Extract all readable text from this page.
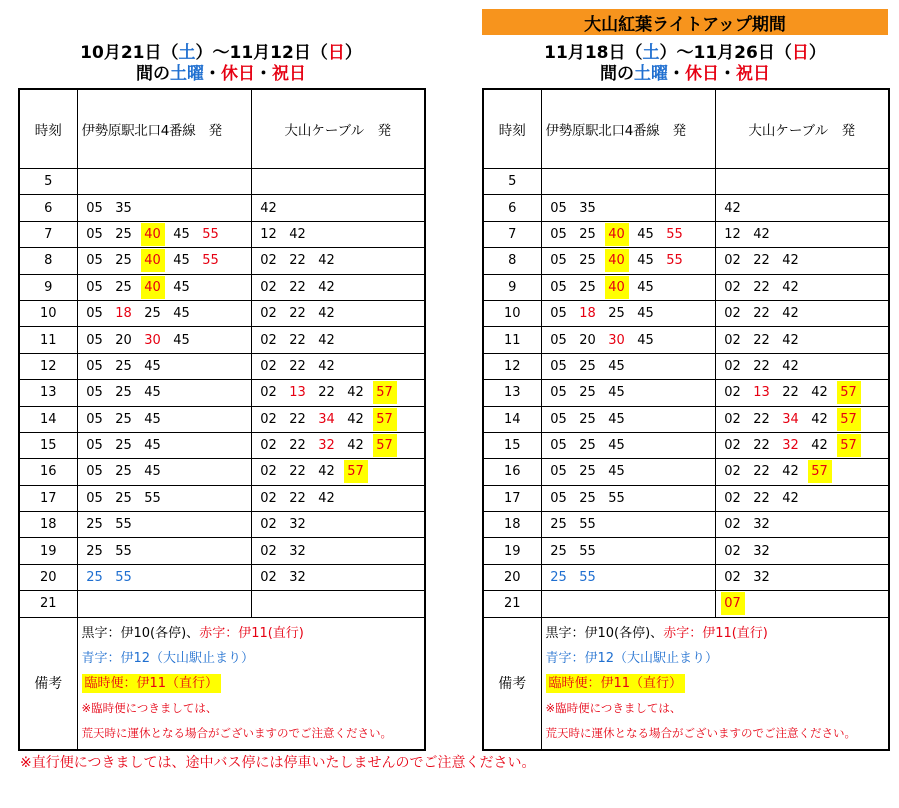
10月21日（土）～11月12日（日）
間の土曜・休日・祝日
時刻	伊勢原駅北口4番線　発	大山ケーブル　発
5		
6	05 35	42
7	05 25 40 45 55	12 42
8	05 25 40 45 55	02 22 42
9	05 25 40 45	02 22 42
10	05 18 25 45	02 22 42
11	05 20 30 45	02 22 42
12	05 25 45	02 22 42
13	05 25 45	02 13 22 42 57
14	05 25 45	02 22 34 42 57
15	05 25 45	02 22 32 42 57
16	05 25 45	02 22 42 57
17	05 25 55	02 22 42
18	25 55	02 32
19	25 55	02 32
20	25 55	02 32
21		
備考	黒字：伊10(各停)、赤字：伊11(直行)
青字：伊12（大山駅止まり）
臨時便：伊11（直行）
※臨時便につきましては、
荒天時に運休となる場合がございますのでご注意ください。	
大山紅葉ライトアップ期間
11月18日（土）～11月26日（日）
間の土曜・休日・祝日
時刻	伊勢原駅北口4番線　発	大山ケーブル　発
5		
6	05 35	42
7	05 25 40 45 55	12 42
8	05 25 40 45 55	02 22 42
9	05 25 40 45	02 22 42
10	05 18 25 45	02 22 42
11	05 20 30 45	02 22 42
12	05 25 45	02 22 42
13	05 25 45	02 13 22 42 57
14	05 25 45	02 22 34 42 57
15	05 25 45	02 22 32 42 57
16	05 25 45	02 22 42 57
17	05 25 55	02 22 42
18	25 55	02 32
19	25 55	02 32
20	25 55	02 32
21		07
備考	黒字：伊10(各停)、赤字：伊11(直行)
青字：伊12（大山駅止まり）
臨時便：伊11（直行）
※臨時便につきましては、
荒天時に運休となる場合がございますのでご注意ください。	
※直行便につきましては、途中バス停には停車いたしませんのでご注意ください。
